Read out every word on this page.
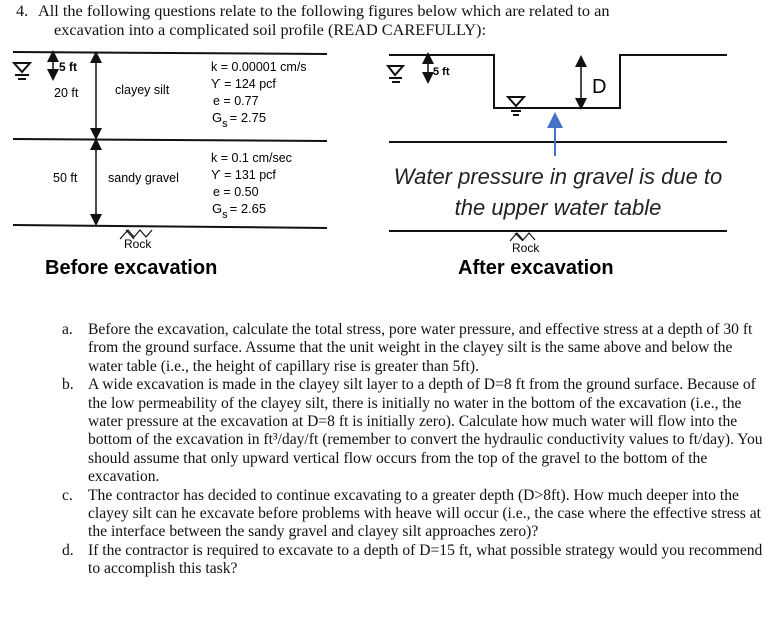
4. All the following questions relate to the following figures below which are related to an
excavation into a complicated soil profile (READ CAREFULLY):
5 ft
20 ft	clayey silt
k = 0.00001 cm/s
ϒ = 124 pcf
e = 0.77
$G_s = 2.75$
50 ft sandy gravel
k = 0.1 cm/sec
ϒ = 131 pcf
e = 0.50
$G_s = 2.65$
Rock
Before excavation
5 ft
D
Water pressure in gravel is due to
the upper water table
Rock
After excavation
a. Before the excavation, calculate the total stress, pore water pressure, and effective stress at a depth of 30 ft from the ground surface. Assume that the unit weight in the clayey silt is the same above and below the water table (i.e., the height of capillary rise is greater than 5ft).
b. A wide excavation is made in the clayey silt layer to a depth of D=8 ft from the ground surface. Because of the low permeability of the clayey silt, there is initially no water in the bottom of the excavation (i.e., the water pressure at the excavation at D=8 ft is initially zero). Calculate how much water will flow into the bottom of the excavation in ft³/day/ft (remember to convert the hydraulic conductivity values to ft/day). You should assume that only upward vertical flow occurs from the top of the gravel to the bottom of the excavation.
c. The contractor has decided to continue excavating to a greater depth (D>8ft). How much deeper into the clayey silt can he excavate before problems with heave will occur (i.e., the case where the effective stress at the interface between the sandy gravel and clayey silt approaches zero)?
d. If the contractor is required to excavate to a depth of D=15 ft, what possible strategy would you recommend to accomplish this task?
